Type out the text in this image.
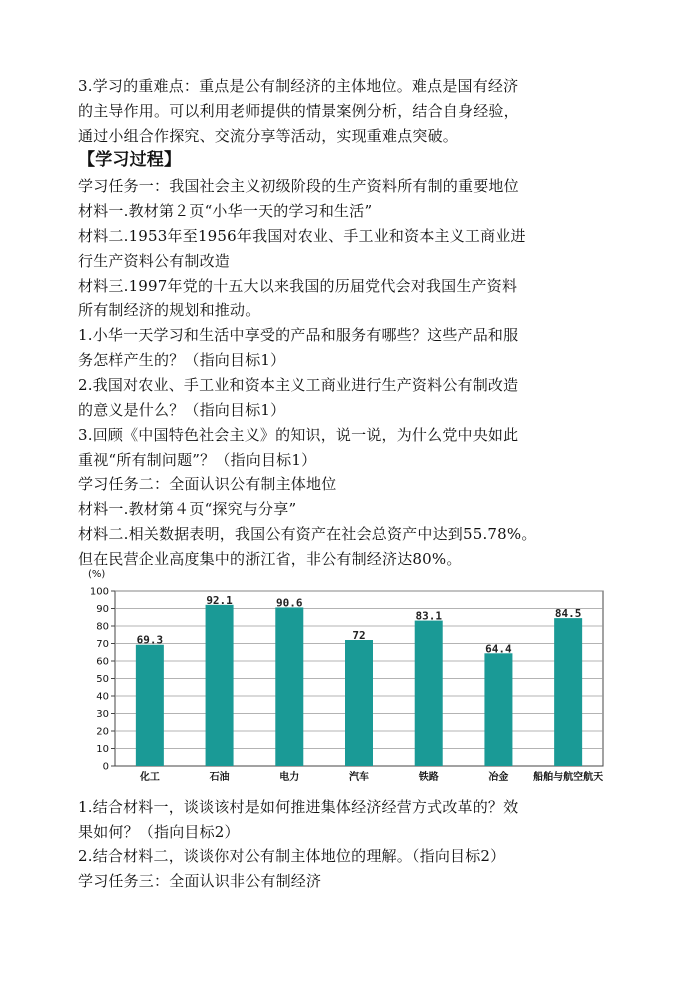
3.学习的重难点：重点是公有制经济的主体地位。难点是国有经济
的主导作用。可以利用老师提供的情景案例分析，结合自身经验，
通过小组合作探究、交流分享等活动，实现重难点突破。
【学习过程】
学习任务一：我国社会主义初级阶段的生产资料所有制的重要地位
材料一.教材第２页“小华一天的学习和生活”
材料二.1953年至1956年我国对农业、手工业和资本主义工商业进
行生产资料公有制改造
材料三.1997年党的十五大以来我国的历届党代会对我国生产资料
所有制经济的规划和推动。
1.小华一天学习和生活中享受的产品和服务有哪些？这些产品和服
务怎样产生的？（指向目标1）
2.我国对农业、手工业和资本主义工商业进行生产资料公有制改造
的意义是什么？（指向目标1）
3.回顾《中国特色社会主义》的知识，说一说，为什么党中央如此
重视“所有制问题”？（指向目标1）
学习任务二：全面认识公有制主体地位
材料一.教材第４页“探究与分享”
材料二.相关数据表明，我国公有资产在社会总资产中达到55.78%。
但在民营企业高度集中的浙江省，非公有制经济达80%。
0
10
20
30
40
50
60
70
80
90
100
(%)
69.3
化工
92.1
石油
90.6
电力
72
汽车
83.1
铁路
64.4
冶金
84.5
船舶与航空航天
1.结合材料一，谈谈该村是如何推进集体经济经营方式改革的？效
果如何？（指向目标2）
2.结合材料二，谈谈你对公有制主体地位的理解。（指向目标2）
学习任务三：全面认识非公有制经济
